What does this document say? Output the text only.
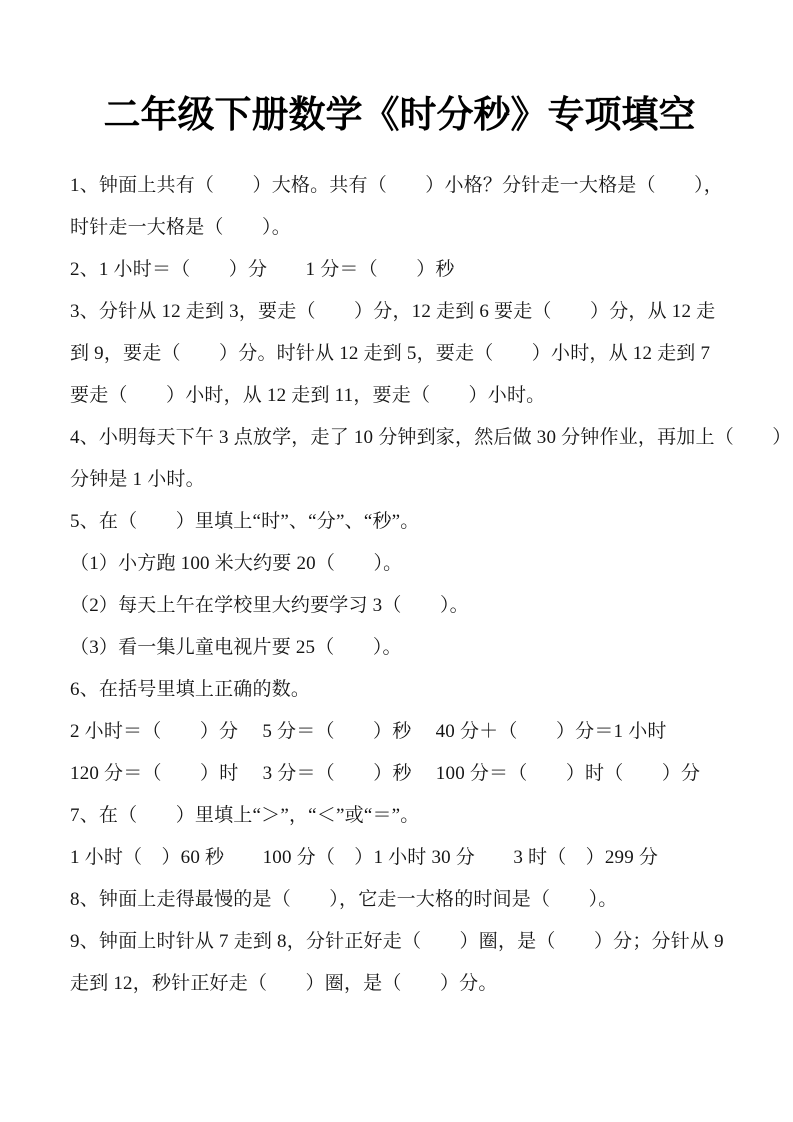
二年级下册数学《时分秒》专项填空
1、钟面上共有（　　）大格。共有（　　）小格？分针走一大格是（　　），
时针走一大格是（　　）。
2、1 小时＝（　　）分　　1 分＝（　　）秒
3、分针从 12 走到 3，要走（　　）分，12 走到 6 要走（　　）分，从 12 走
到 9，要走（　　）分。时针从 12 走到 5，要走（　　）小时，从 12 走到 7
要走（　　）小时，从 12 走到 11，要走（　　）小时。
4、小明每天下午 3 点放学，走了 10 分钟到家，然后做 30 分钟作业，再加上（　　）
分钟是 1 小时。
5、在（　　）里填上“时”、“分”、“秒”。
（1）小方跑 100 米大约要 20（　　）。
（2）每天上午在学校里大约要学习 3（　　）。
（3）看一集儿童电视片要 25（　　）。
6、在括号里填上正确的数。
2 小时＝（　　）分　 5 分＝（　　）秒　 40 分＋（　　）分＝1 小时
120 分＝（　　）时　 3 分＝（　　）秒　 100 分＝（　　）时（　　）分
7、在（　　）里填上“＞”，“＜”或“＝”。
1 小时（　）60 秒　　100 分（　）1 小时 30 分　　3 时（　）299 分
8、钟面上走得最慢的是（　　），它走一大格的时间是（　　）。
9、钟面上时针从 7 走到 8，分针正好走（　　）圈，是（　　）分；分针从 9
走到 12，秒针正好走（　　）圈，是（　　）分。
